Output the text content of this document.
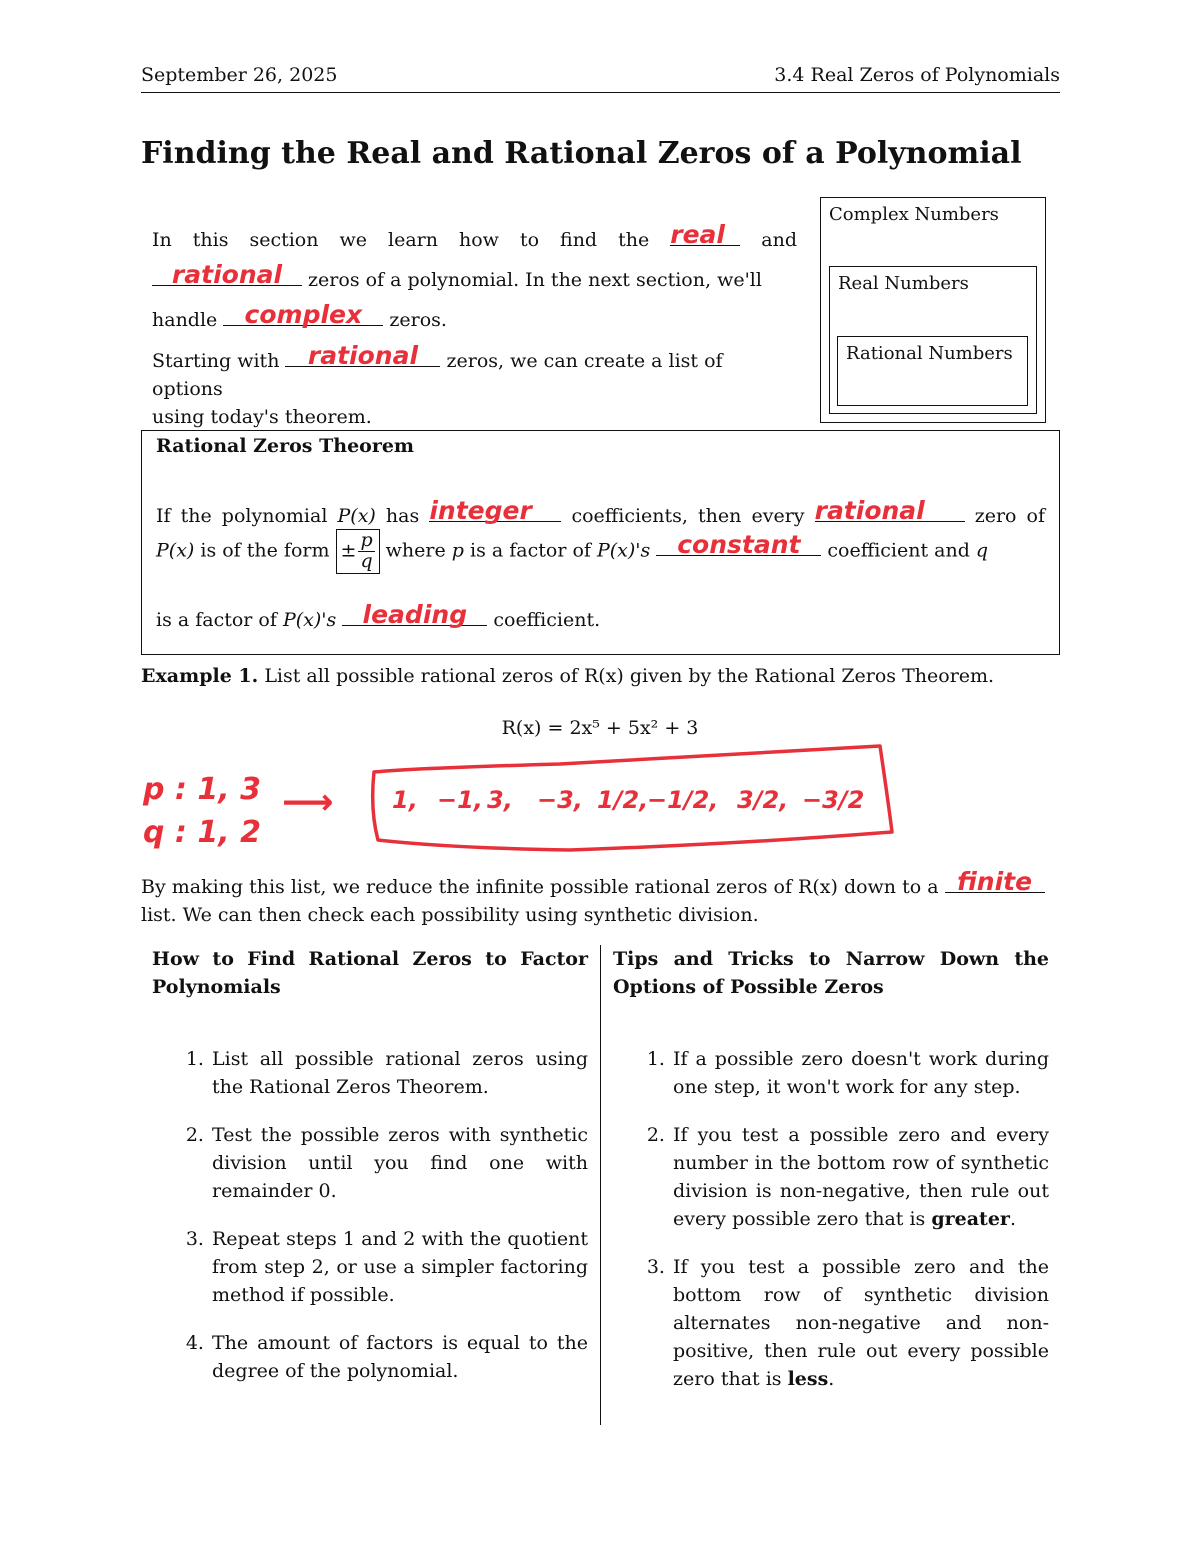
September 26, 2025	3.4 Real Zeros of Polynomials
Finding the Real and Rational Zeros of a Polynomial

In this section we learn how to find the real	and

rational	zeros of a polynomial. In the next section, we'll

handle	complex	zeros.

Starting with	rational	zeros, we can create a list of options

using today's theorem.

Complex Numbers
Real Numbers
Rational Numbers
Rational Zeros Theorem
If the polynomial P(x) has integer	coefficients, then every rational	zero of
P(x) is of the form ± $\frac{p}{q}$ where p is a factor of P(x)'s	constant	coefficient and q
is a factor of P(x)'s	leading	coefficient.
Example 1. List all possible rational zeros of R(x) given by the Rational Zeros Theorem.
R(x) = 2x⁵ + 5x² + 3
p : 1, 3
q : 1, 2
⟶ 1, −1, 3, −3, 1/2,
−1/2, 3/2, −3/2
By making this list, we reduce the infinite possible rational zeros of R(x) down to a finite

list. We can then check each possibility using synthetic division.
How to Find Rational Zeros to Factor
Polynomials
1. List all possible rational zeros using the Rational Zeros Theorem.
2. Test the possible zeros with synthetic division until you find one with remainder 0.
3. Repeat steps 1 and 2 with the quotient from step 2, or use a simpler factoring method if possible.
4. The amount of factors is equal to the degree of the polynomial.
Tips and Tricks to Narrow Down the
Options of Possible Zeros
1. If a possible zero doesn't work during one step, it won't work for any step.
2. If you test a possible zero and every number in the bottom row of synthetic division is non-negative, then rule out every possible zero that is greater.
3. If you test a possible zero and the bottom row of synthetic division alternates non-negative and non-positive, then rule out every possible zero that is less.
